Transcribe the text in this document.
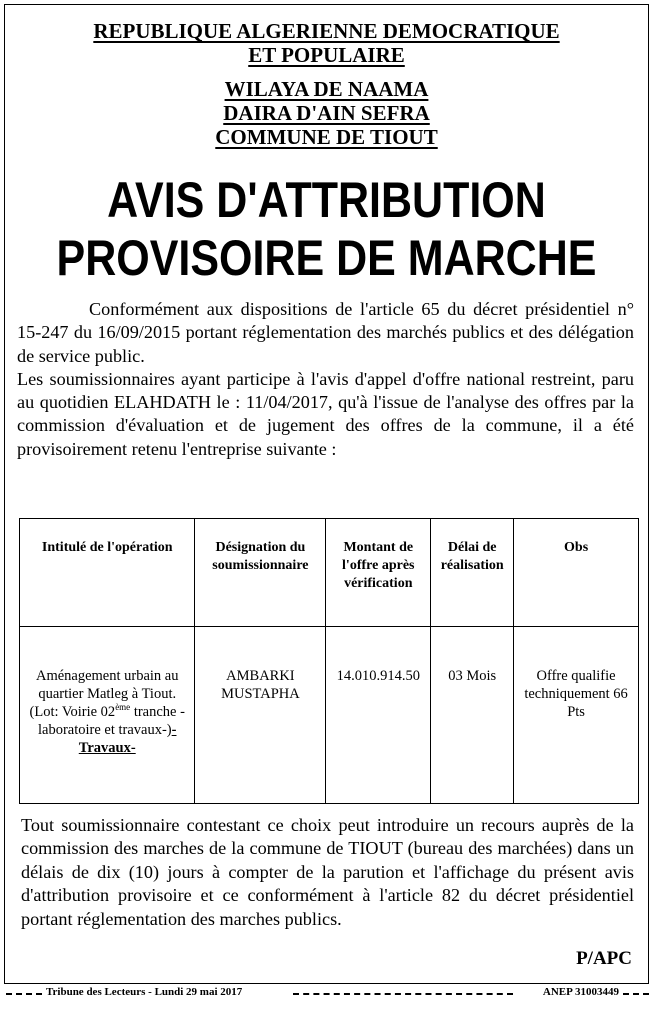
REPUBLIQUE ALGERIENNE DEMOCRATIQUE
ET POPULAIRE
WILAYA DE NAAMA
DAIRA D'AIN SEFRA
COMMUNE DE TIOUT
AVIS D'ATTRIBUTION
PROVISOIRE DE MARCHE

Conformément aux dispositions de l'article 65 du décret présidentiel n° 15-247 du 16/09/2015 portant réglementation des marchés publics et des délégation de service public.

Les soumissionnaires ayant participe à l'avis d'appel d'offre national restreint, paru au quotidien ELAHDATH le : 11/04/2017, qu'à l'issue de l'analyse des offres par la commission d'évaluation et de jugement des offres de la commune, il a été provisoirement retenu l'entreprise suivante :

Intitulé de l'opération	Désignation du soumissionnaire	Montant de l'offre après vérification	Délai de réalisation	Obs
Aménagement urbain au quartier Matleg à Tiout. (Lot: Voirie 02ème tranche -laboratoire et travaux-)-Travaux-	AMBARKI MUSTAPHA	14.010.914.50	03 Mois	Offre qualifie techniquement 66 Pts

Tout soumissionnaire contestant ce choix peut introduire un recours auprès de la commission des marches de la commune de TIOUT (bureau des marchées) dans un délais de dix (10) jours à compter de la parution et l'affichage du présent avis d'attribution provisoire et ce conformément à l'article 82 du décret présidentiel portant réglementation des marches publics.

P/APC
Tribune des Lecteurs - Lundi 29 mai 2017	ANEP 31003449
